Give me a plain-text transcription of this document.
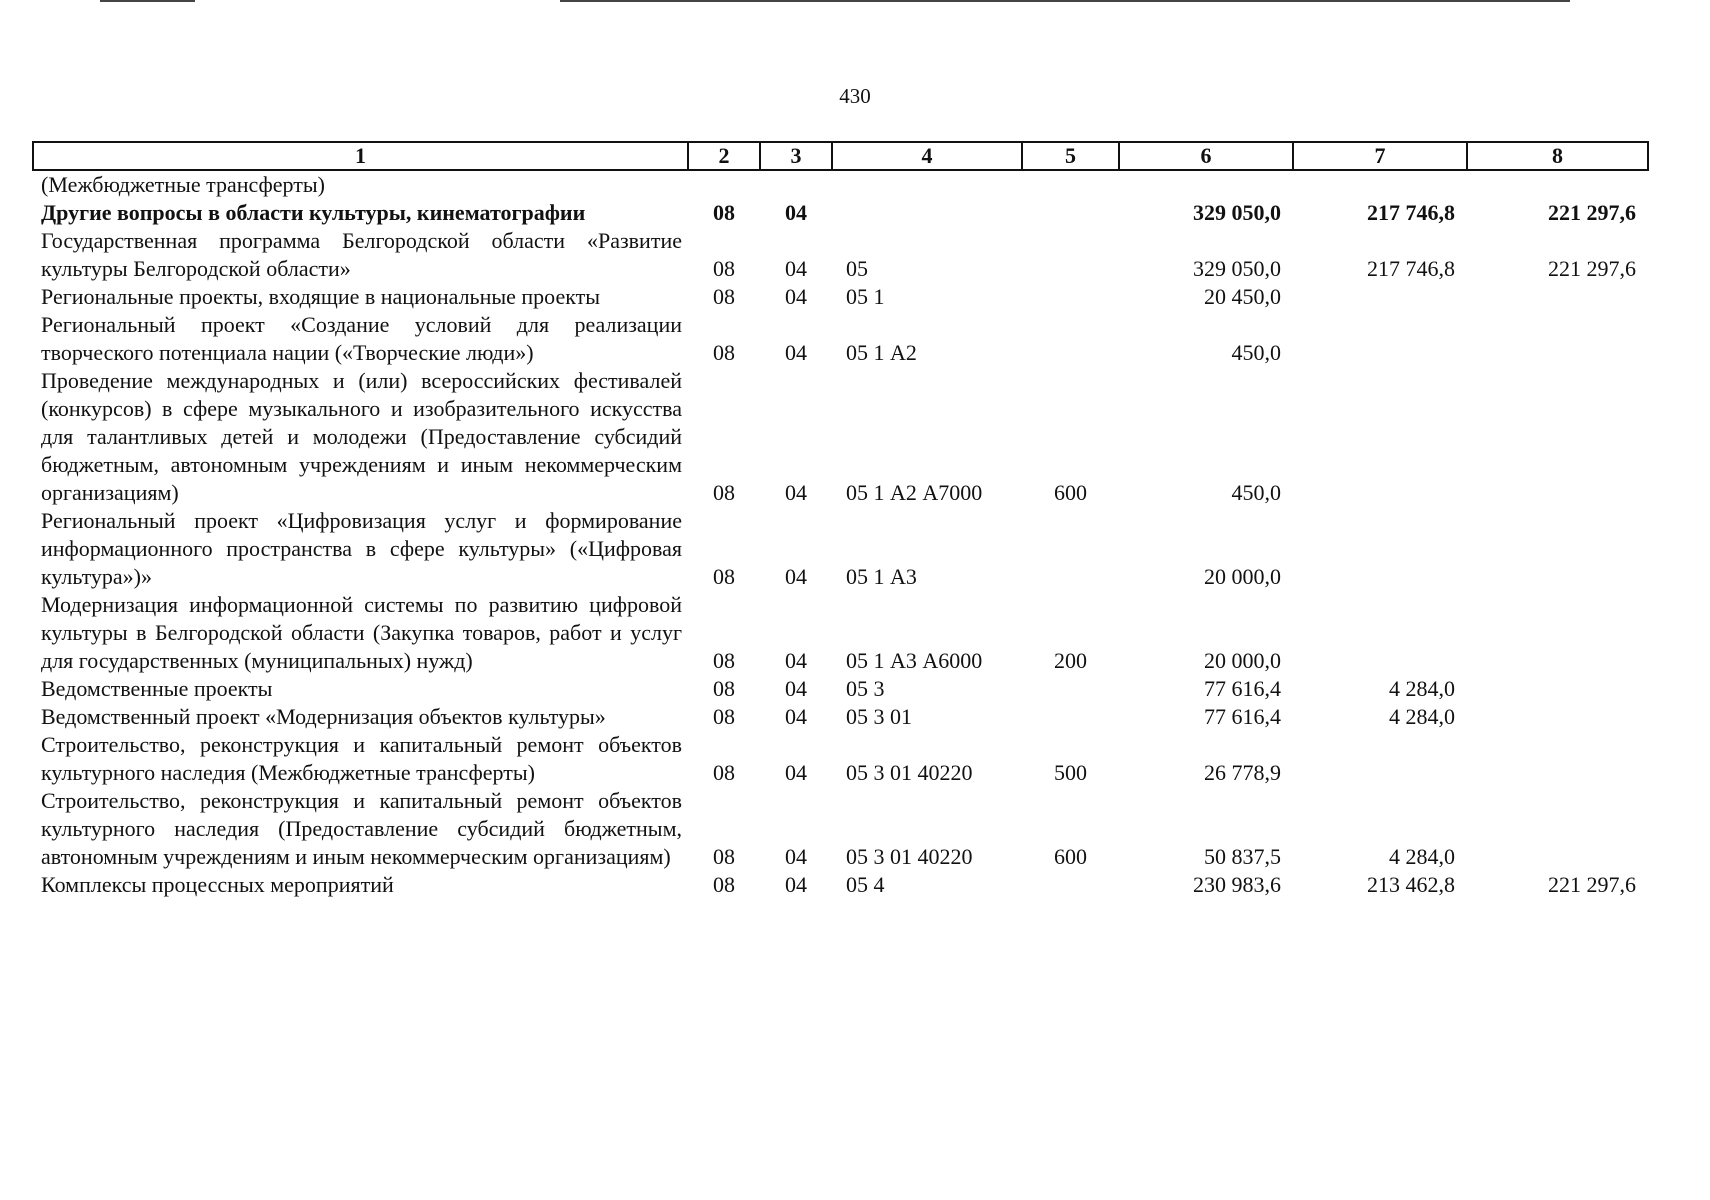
430
1	2	3	4	5	6	7	8
(Межбюджетные трансферты)							
Другие вопросы в области культуры, кинематографии	08	04			329 050,0	217 746,8	221 297,6
Государственная программа Белгородской области «Развитие культуры Белгородской области»	08	04	05		329 050,0	217 746,8	221 297,6
Региональные проекты, входящие в национальные проекты	08	04	05 1		20 450,0		
Региональный проект «Создание условий для реализации творческого потенциала нации («Творческие люди»)	08	04	05 1 А2		450,0		
Проведение международных и (или) всероссийских фестивалей (конкурсов) в сфере музыкального и изобразительного искусства для талантливых детей и молодежи (Предоставление субсидий бюджетным, автономным учреждениям и иным некоммерческим организациям)	08	04	05 1 А2 А7000	600	450,0		
Региональный проект «Цифровизация услуг и формирование информационного пространства в сфере культуры» («Цифровая культура»)»	08	04	05 1 А3		20 000,0		
Модернизация информационной системы по развитию цифровой культуры в Белгородской области (Закупка товаров, работ и услуг для государственных (муниципальных) нужд)	08	04	05 1 А3 А6000	200	20 000,0		
Ведомственные проекты	08	04	05 3		77 616,4	4 284,0	
Ведомственный проект «Модернизация объектов культуры»	08	04	05 3 01		77 616,4	4 284,0	
Строительство, реконструкция и капитальный ремонт объектов культурного наследия (Межбюджетные трансферты)	08	04	05 3 01 40220	500	26 778,9		
Строительство, реконструкция и капитальный ремонт объектов культурного наследия (Предоставление субсидий бюджетным, автономным учреждениям и иным некоммерческим организациям)	08	04	05 3 01 40220	600	50 837,5	4 284,0	
Комплексы процессных мероприятий	08	04	05 4		230 983,6	213 462,8	221 297,6
